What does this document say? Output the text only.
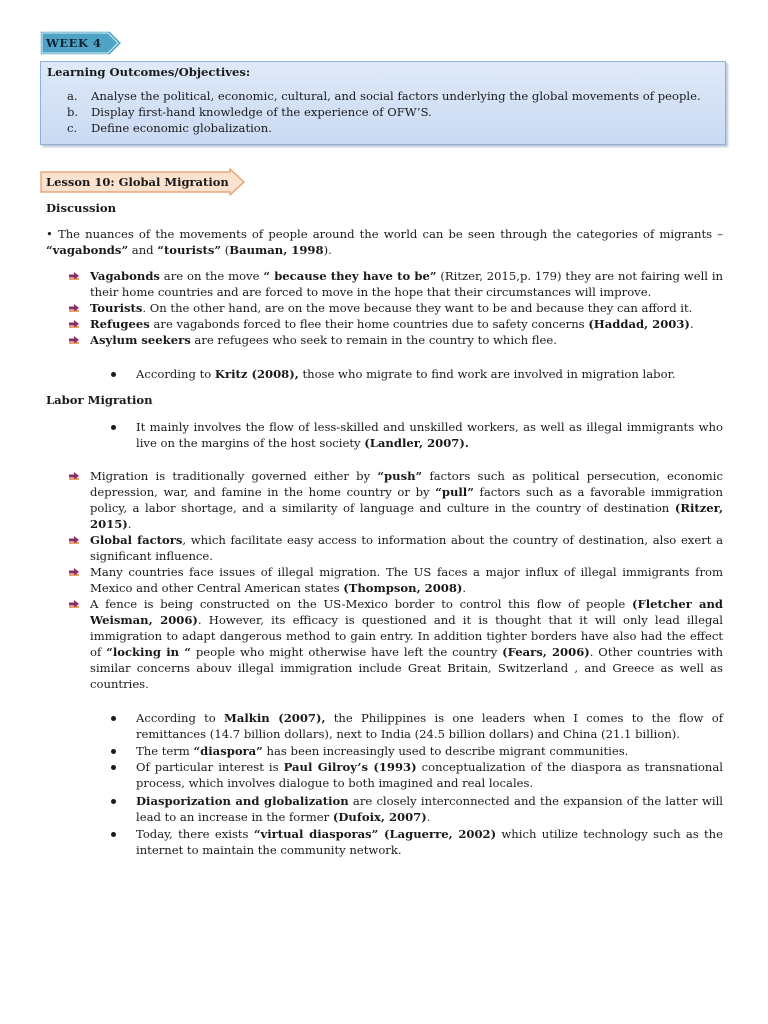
WEEK 4
Learning Outcomes/Objectives:
a. Analyse the political, economic, cultural, and social factors underlying the global movements of people.
b. Display first-hand knowledge of the experience of OFW’S.
c. Define economic globalization.
Lesson 10: Global Migration
Discussion
• The nuances of the movements of people around the world can be seen through the categories of migrants – “vagabonds” and “tourists” (Bauman, 1998).
Vagabonds are on the move “ because they have to be” (Ritzer, 2015,p. 179) they are not fairing well in their home countries and are forced to move in the hope that their circumstances will improve.
Tourists. On the other hand, are on the move because they want to be and because they can afford it.
Refugees are vagabonds forced to flee their home countries due to safety concerns (Haddad, 2003).
Asylum seekers are refugees who seek to remain in the country to which flee.
According to Kritz (2008), those who migrate to find work are involved in migration labor.
Labor Migration
It mainly involves the flow of less-skilled and unskilled workers, as well as illegal immigrants who live on the margins of the host society (Landler, 2007).
Migration is traditionally governed either by “push” factors such as political persecution, economic depression, war, and famine in the home country or by “pull” factors such as a favorable immigration policy, a labor shortage, and a similarity of language and culture in the country of destination (Ritzer, 2015).
Global factors, which facilitate easy access to information about the country of destination, also exert a significant influence.
Many countries face issues of illegal migration. The US faces a major influx of illegal immigrants from Mexico and other Central American states (Thompson, 2008).
A fence is being constructed on the US-Mexico border to control this flow of people (Fletcher and Weisman, 2006). However, its efficacy is questioned and it is thought that it will only lead illegal immigration to adapt dangerous method to gain entry. In addition tighter borders have also had the effect of “locking in “ people who might otherwise have left the country (Fears, 2006). Other countries with similar concerns abouv illegal immigration include Great Britain, Switzerland , and Greece as well as countries.
According to Malkin (2007), the Philippines is one leaders when I comes to the flow of remittances (14.7 billion dollars), next to India (24.5 billion dollars) and China (21.1 billion).
The term “diaspora” has been increasingly used to describe migrant communities.
Of particular interest is Paul Gilroy’s (1993) conceptualization of the diaspora as transnational process, which involves dialogue to both imagined and real locales.
Diasporization and globalization are closely interconnected and the expansion of the latter will lead to an increase in the former (Dufoix, 2007).
Today, there exists “virtual diasporas” (Laguerre, 2002) which utilize technology such as the internet to maintain the community network.
